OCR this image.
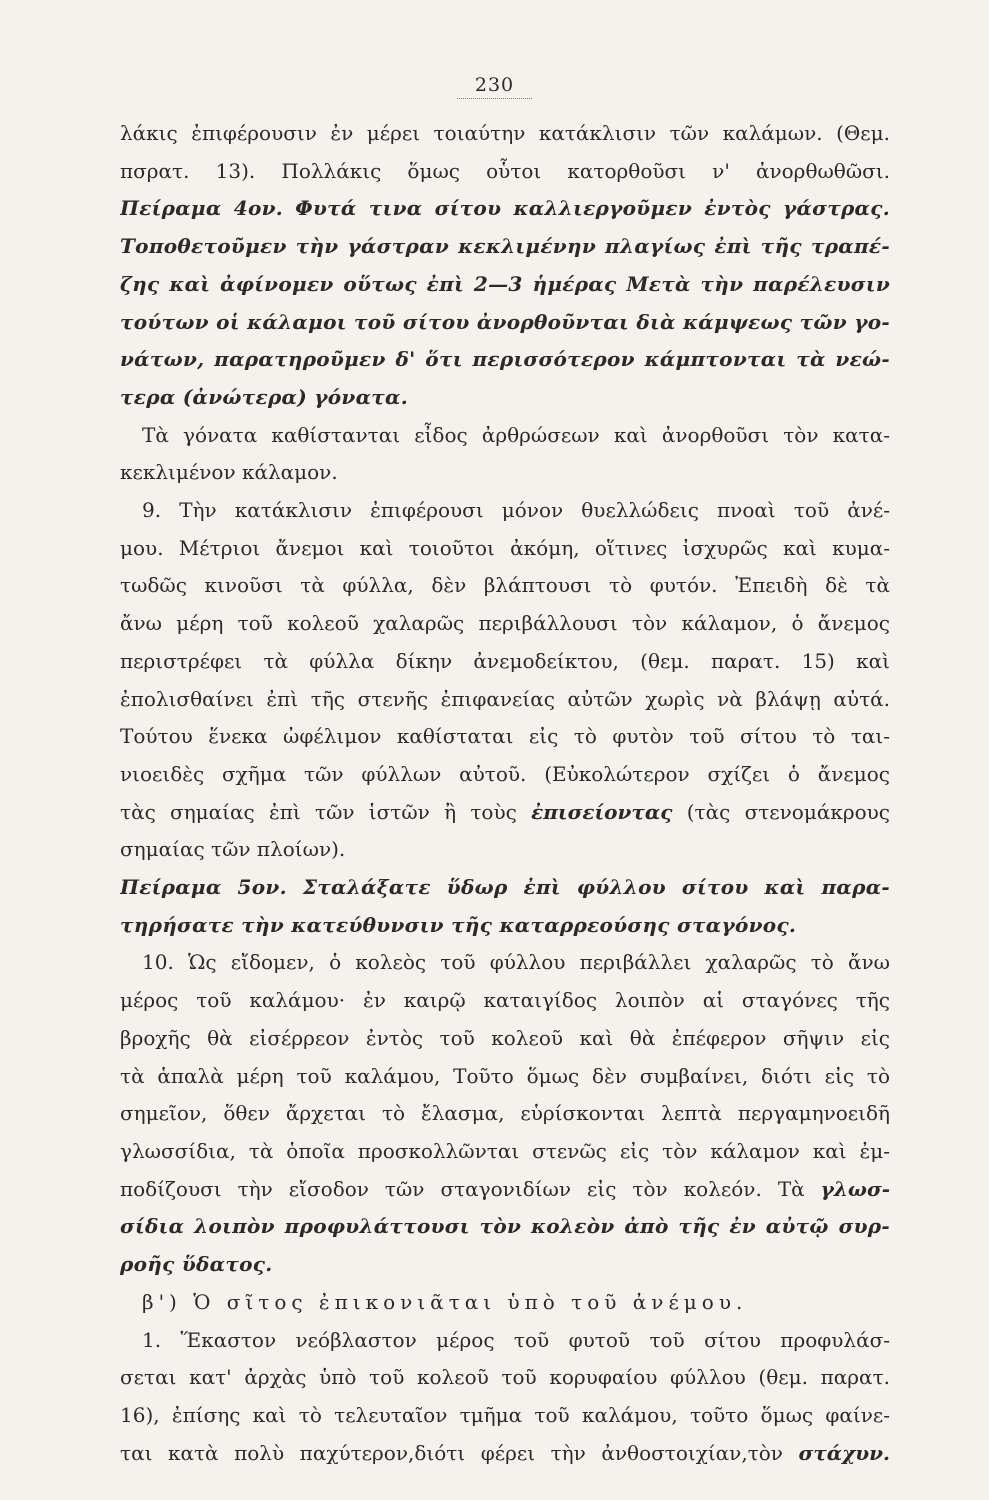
230
λάκις ἐπιφέρουσιν ἐν μέρει τοιαύτην κατάκλισιν τῶν καλάμων. (Θεμ.
πσρατ. 13). Πολλάκις ὅμως οὗτοι κατορθοῦσι ν' ἀνορθωθῶσι.
Πείραμα 4ον. Φυτά τινα σίτου καλλιεργοῦμεν ἐντὸς γάστρας.
Τοποθετοῦμεν τὴν γάστραν κεκλιμένην πλαγίως ἐπὶ τῆς τραπέ-
ζης καὶ ἀφίνομεν οὕτως ἐπὶ 2—3 ἡμέρας Μετὰ τὴν παρέλευσιν
τούτων οἱ κάλαμοι τοῦ σίτου ἀνορθοῦνται διὰ κάμψεως τῶν γο-
νάτων, παρατηροῦμεν δ' ὅτι περισσότερον κάμπτονται τὰ νεώ-
τερα (ἀνώτερα) γόνατα.
Τὰ γόνατα καθίστανται εἶδος ἀρθρώσεων καὶ ἀνορθοῦσι τὸν κατα-
κεκλιμένον κάλαμον.
9. Τὴν κατάκλισιν ἐπιφέρουσι μόνον θυελλώδεις πνοαὶ τοῦ ἀνέ-
μου. Μέτριοι ἄνεμοι καὶ τοιοῦτοι ἀκόμη, οἵτινες ἰσχυρῶς καὶ κυμα-
τωδῶς κινοῦσι τὰ φύλλα, δὲν βλάπτουσι τὸ φυτόν. Ἐπειδὴ δὲ τὰ
ἄνω μέρη τοῦ κολεοῦ χαλαρῶς περιβάλλουσι τὸν κάλαμον, ὁ ἄνεμος
περιστρέφει τὰ φύλλα δίκην ἀνεμοδείκτου, (θεμ. παρατ. 15) καὶ
ἐπολισθαίνει ἐπὶ τῆς στενῆς ἐπιφανείας αὐτῶν χωρὶς νὰ βλάψῃ αὐτά.
Τούτου ἕνεκα ὠφέλιμον καθίσταται εἰς τὸ φυτὸν τοῦ σίτου τὸ ται-
νιοειδὲς σχῆμα τῶν φύλλων αὐτοῦ. (Εὐκολώτερον σχίζει ὁ ἄνεμος
τὰς σημαίας ἐπὶ τῶν ἱστῶν ἢ τοὺς ἐπισείοντας (τὰς στενομάκρους
σημαίας τῶν πλοίων).
Πείραμα 5ον. Σταλάξατε ὕδωρ ἐπὶ φύλλου σίτου καὶ παρα-
τηρήσατε τὴν κατεύθυνσιν τῆς καταρρεούσης σταγόνος.
10. Ὡς εἴδομεν, ὁ κολεὸς τοῦ φύλλου περιβάλλει χαλαρῶς τὸ ἄνω
μέρος τοῦ καλάμου· ἐν καιρῷ καταιγίδος λοιπὸν αἱ σταγόνες τῆς
βροχῆς θὰ εἰσέρρεον ἐντὸς τοῦ κολεοῦ καὶ θὰ ἐπέφερον σῆψιν εἰς
τὰ ἁπαλὰ μέρη τοῦ καλάμου, Τοῦτο ὅμως δὲν συμβαίνει, διότι εἰς τὸ
σημεῖον, ὅθεν ἄρχεται τὸ ἔλασμα, εὑρίσκονται λεπτὰ περγαμηνοειδῆ
γλωσσίδια, τὰ ὁποῖα προσκολλῶνται στενῶς εἰς τὸν κάλαμον καὶ ἐμ-
ποδίζουσι τὴν εἴσοδον τῶν σταγονιδίων εἰς τὸν κολεόν. Τὰ γλωσ-
σίδια λοιπὸν προφυλάττουσι τὸν κολεὸν ἀπὸ τῆς ἐν αὐτῷ συρ-
ροῆς ὕδατος.
β') Ὁ σῖτος ἐπικονιᾶται ὑπὸ τοῦ ἀνέμου.
1. Ἕκαστον νεόβλαστον μέρος τοῦ φυτοῦ τοῦ σίτου προφυλάσ-
σεται κατ' ἀρχὰς ὑπὸ τοῦ κολεοῦ τοῦ κορυφαίου φύλλου (θεμ. παρατ.
16), ἐπίσης καὶ τὸ τελευταῖον τμῆμα τοῦ καλάμου, τοῦτο ὅμως φαίνε-
ται κατὰ πολὺ παχύτερον,διότι φέρει τὴν ἀνθοστοιχίαν,τὸν στάχυν.
